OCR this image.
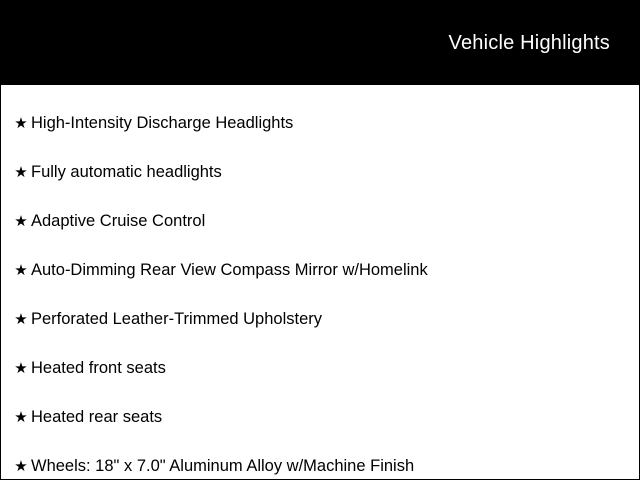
Vehicle Highlights
★ High-Intensity Discharge Headlights
★ Fully automatic headlights
★ Adaptive Cruise Control
★ Auto-Dimming Rear View Compass Mirror w/Homelink
★ Perforated Leather-Trimmed Upholstery
★ Heated front seats
★ Heated rear seats
★ Wheels: 18" x 7.0" Aluminum Alloy w/Machine Finish
